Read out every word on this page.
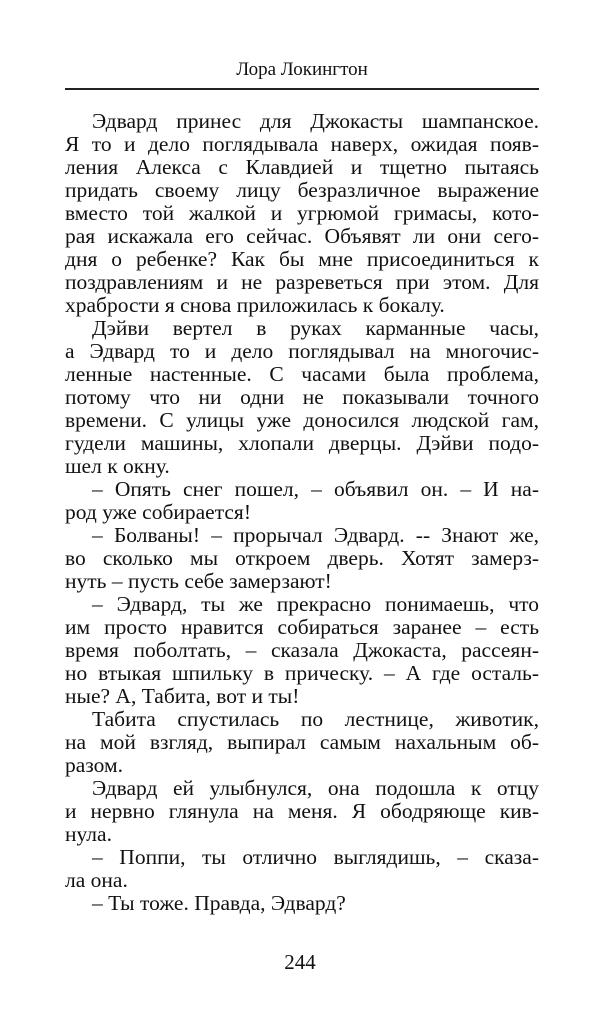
Лора Локингтон
Эдвард принес для Джокасты шампанское.
Я то и дело поглядывала наверх, ожидая появ-
ления Алекса с Клавдией и тщетно пытаясь
придать своему лицу безразличное выражение
вместо той жалкой и угрюмой гримасы, кото-
рая искажала его сейчас. Объявят ли они сего-
дня о ребенке? Как бы мне присоединиться к
поздравлениям и не разреветься при этом. Для
храбрости я снова приложилась к бокалу.
Дэйви вертел в руках карманные часы,
а Эдвард то и дело поглядывал на многочис-
ленные настенные. С часами была проблема,
потому что ни одни не показывали точного
времени. С улицы уже доносился людской гам,
гудели машины, хлопали дверцы. Дэйви подо-
шел к окну.
– Опять снег пошел, – объявил он. – И на-
род уже собирается!
– Болваны! – прорычал Эдвард. -- Знают же,
во сколько мы откроем дверь. Хотят замерз-
нуть – пусть себе замерзают!
– Эдвард, ты же прекрасно понимаешь, что
им просто нравится собираться заранее – есть
время поболтать, – сказала Джокаста, рассеян-
но втыкая шпильку в прическу. – А где осталь-
ные? А, Табита, вот и ты!
Табита спустилась по лестнице, животик,
на мой взгляд, выпирал самым нахальным об-
разом.
Эдвард ей улыбнулся, она подошла к отцу
и нервно глянула на меня. Я ободряюще кив-
нула.
– Поппи, ты отлично выглядишь, – сказа-
ла она.
– Ты тоже. Правда, Эдвард?
244
